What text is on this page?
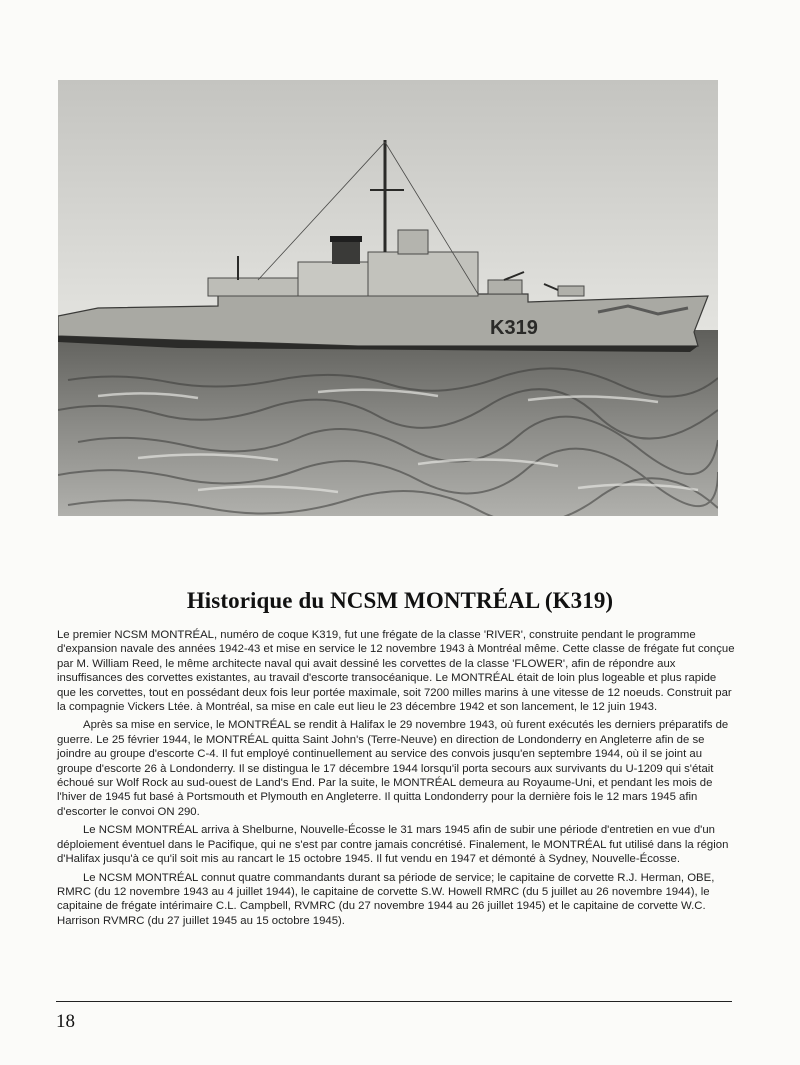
K319
Historique du NCSM MONTRÉAL (K319)

Le premier NCSM MONTRÉAL, numéro de coque K319, fut une frégate de la classe 'RIVER', construite pendant le programme d'expansion navale des années 1942-43 et mise en service le 12 novembre 1943 à Montréal même. Cette classe de frégate fut conçue par M. William Reed, le même architecte naval qui avait dessiné les corvettes de la classe 'FLOWER', afin de répondre aux insuffisances des corvettes existantes, au travail d'escorte transocéanique. Le MONTRÉAL était de loin plus logeable et plus rapide que les corvettes, tout en possédant deux fois leur portée maximale, soit 7200 milles marins à une vitesse de 12 noeuds. Construit par la compagnie Vickers Ltée. à Montréal, sa mise en cale eut lieu le 23 décembre 1942 et son lancement, le 12 juin 1943.

Après sa mise en service, le MONTRÉAL se rendit à Halifax le 29 novembre 1943, où furent exécutés les derniers préparatifs de guerre. Le 25 février 1944, le MONTRÉAL quitta Saint John's (Terre-Neuve) en direction de Londonderry en Angleterre afin de se joindre au groupe d'escorte C-4. Il fut employé continuellement au service des convois jusqu'en septembre 1944, où il se joint au groupe d'escorte 26 à Londonderry. Il se distingua le 17 décembre 1944 lorsqu'il porta secours aux survivants du U-1209 qui s'était échoué sur Wolf Rock au sud-ouest de Land's End. Par la suite, le MONTRÉAL demeura au Royaume-Uni, et pendant les mois de l'hiver de 1945 fut basé à Portsmouth et Plymouth en Angleterre. Il quitta Londonderry pour la dernière fois le 12 mars 1945 afin d'escorter le convoi ON 290.

Le NCSM MONTRÉAL arriva à Shelburne, Nouvelle-Écosse le 31 mars 1945 afin de subir une période d'entretien en vue d'un déploiement éventuel dans le Pacifique, qui ne s'est par contre jamais concrétisé. Finalement, le MONTRÉAL fut utilisé dans la région d'Halifax jusqu'à ce qu'il soit mis au rancart le 15 octobre 1945. Il fut vendu en 1947 et démonté à Sydney, Nouvelle-Écosse.

Le NCSM MONTRÉAL connut quatre commandants durant sa période de service; le capitaine de corvette R.J. Herman, OBE, RMRC (du 12 novembre 1943 au 4 juillet 1944), le capitaine de corvette S.W. Howell RMRC (du 5 juillet au 26 novembre 1944), le capitaine de frégate intérimaire C.L. Campbell, RVMRC (du 27 novembre 1944 au 26 juillet 1945) et le capitaine de corvette W.C. Harrison RVMRC (du 27 juillet 1945 au 15 octobre 1945).

18
